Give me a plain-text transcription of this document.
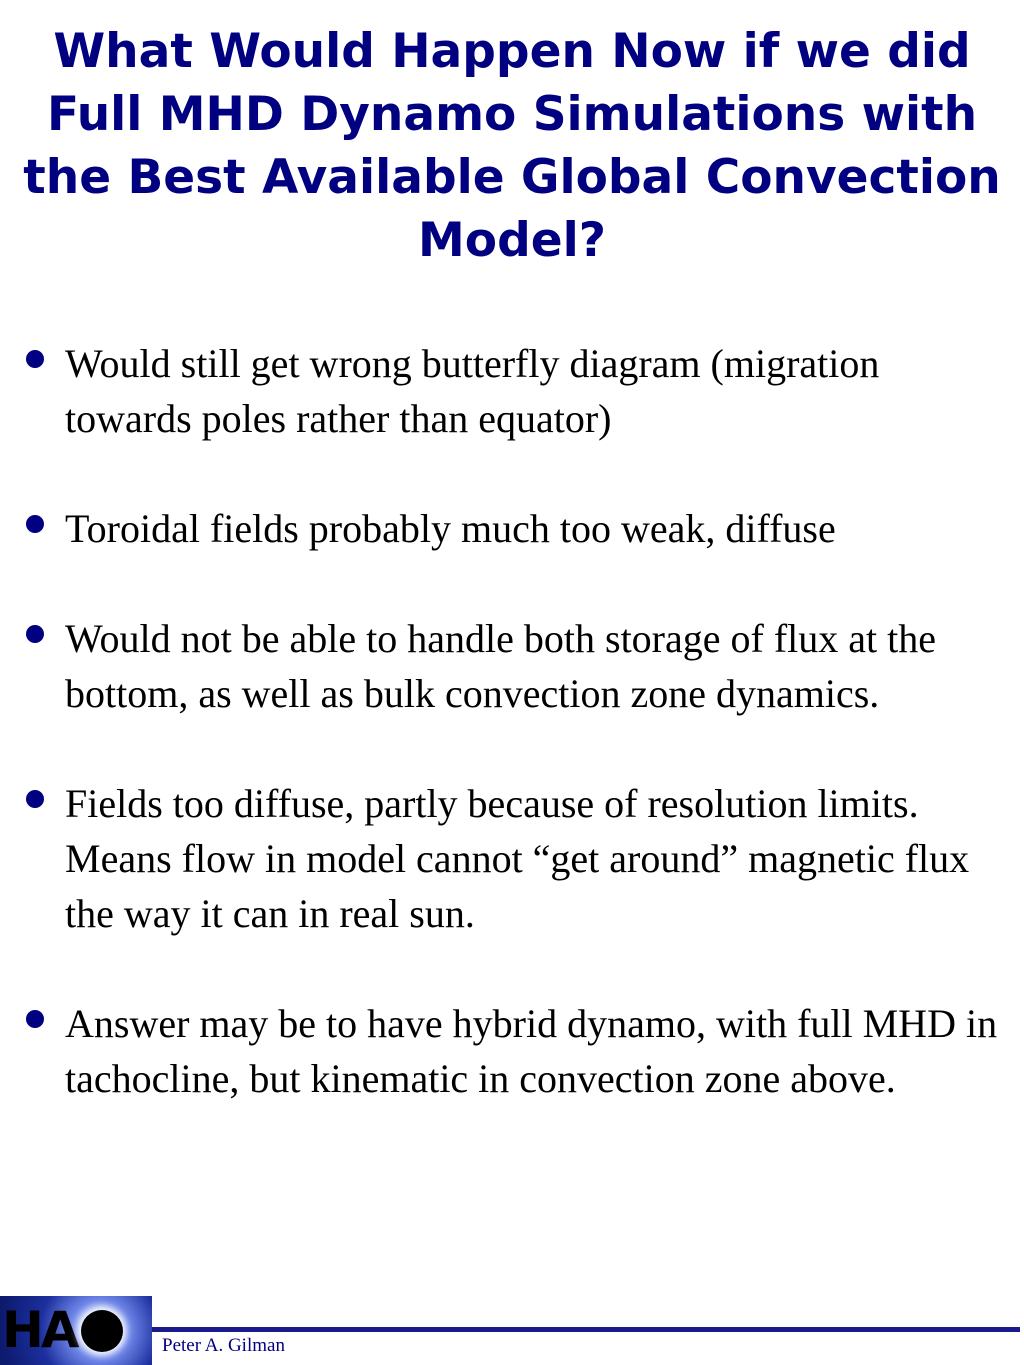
What Would Happen Now if we did Full MHD Dynamo Simulations with the Best Available Global Convection Model?
Would still get wrong butterfly diagram (migration towards poles rather than equator)
Toroidal fields probably much too weak, diffuse
Would not be able to handle both storage of flux at the bottom, as well as bulk convection zone dynamics.
Fields too diffuse, partly because of resolution limits. Means flow in model cannot “get around” magnetic flux the way it can in real sun.
Answer may be to have hybrid dynamo, with full MHD in tachocline, but kinematic in convection zone above.
HA	Peter A. Gilman
